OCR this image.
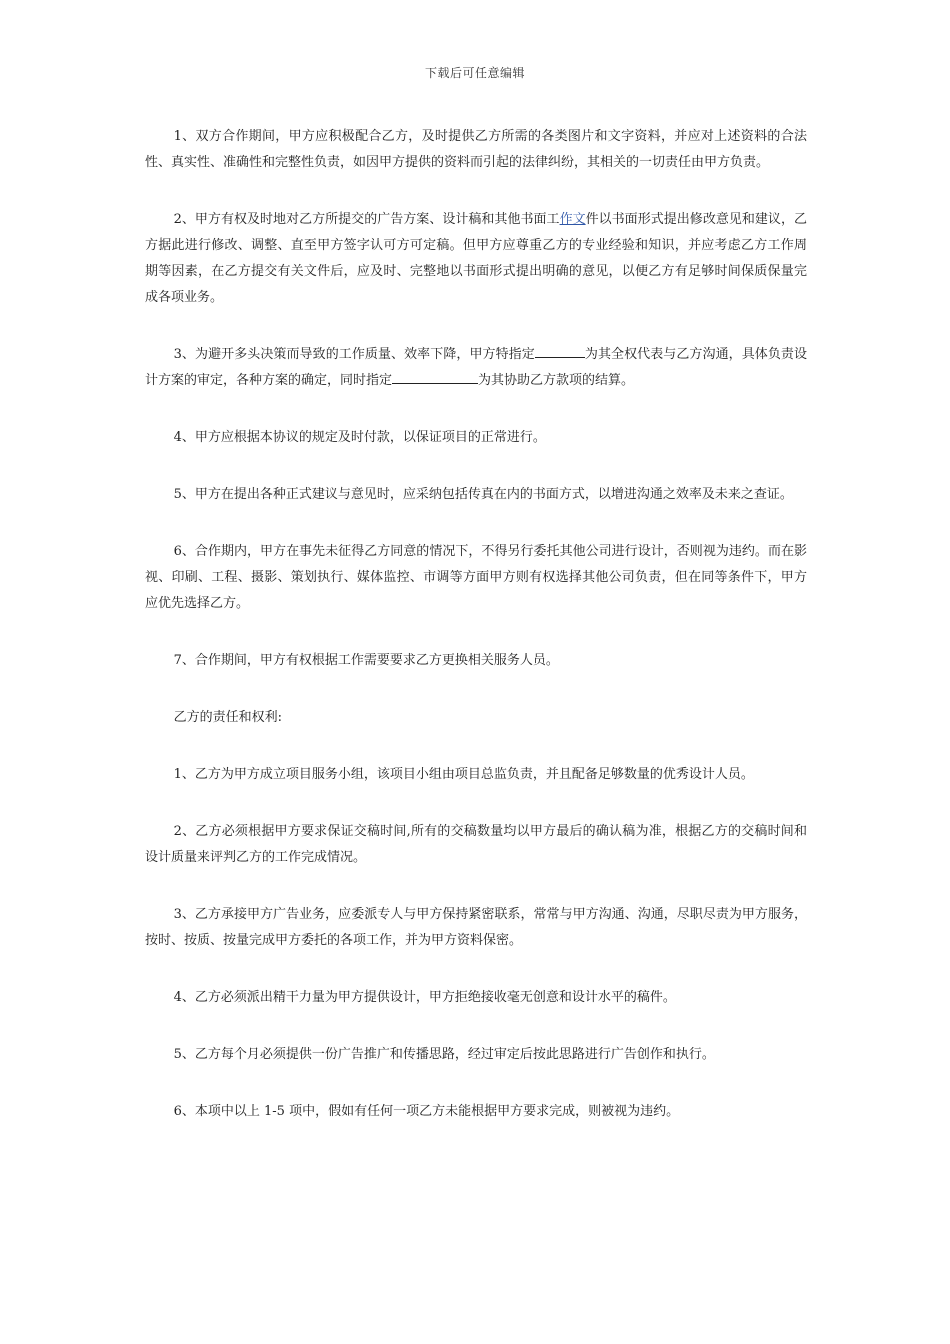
下载后可任意编辑

1、双方合作期间，甲方应积极配合乙方，及时提供乙方所需的各类图片和文字资料，并应对上述资料的合法性、真实性、准确性和完整性负责，如因甲方提供的资料而引起的法律纠纷，其相关的一切责任由甲方负责。

2、甲方有权及时地对乙方所提交的广告方案、设计稿和其他书面工作文件以书面形式提出修改意见和建议，乙方据此进行修改、调整、直至甲方签字认可方可定稿。但甲方应尊重乙方的专业经验和知识，并应考虑乙方工作周期等因素，在乙方提交有关文件后，应及时、完整地以书面形式提出明确的意见，以便乙方有足够时间保质保量完成各项业务。

3、为避开多头决策而导致的工作质量、效率下降，甲方特指定	为其全权代表与乙方沟通，具体负责设计方案的审定，各种方案的确定，同时指定	为其协助乙方款项的结算。

4、甲方应根据本协议的规定及时付款，以保证项目的正常进行。

5、甲方在提出各种正式建议与意见时，应采纳包括传真在内的书面方式，以增进沟通之效率及未来之查证。

6、合作期内，甲方在事先未征得乙方同意的情况下，不得另行委托其他公司进行设计，否则视为违约。而在影视、印刷、工程、摄影、策划执行、媒体监控、市调等方面甲方则有权选择其他公司负责，但在同等条件下，甲方应优先选择乙方。

7、合作期间，甲方有权根据工作需要要求乙方更换相关服务人员。

乙方的责任和权利:

1、乙方为甲方成立项目服务小组，该项目小组由项目总监负责，并且配备足够数量的优秀设计人员。

2、乙方必须根据甲方要求保证交稿时间,所有的交稿数量均以甲方最后的确认稿为准，根据乙方的交稿时间和设计质量来评判乙方的工作完成情况。

3、乙方承接甲方广告业务，应委派专人与甲方保持紧密联系，常常与甲方沟通、沟通，尽职尽责为甲方服务，按时、按质、按量完成甲方委托的各项工作，并为甲方资料保密。

4、乙方必须派出精干力量为甲方提供设计，甲方拒绝接收毫无创意和设计水平的稿件。

5、乙方每个月必须提供一份广告推广和传播思路，经过审定后按此思路进行广告创作和执行。

6、本项中以上 1-5 项中，假如有任何一项乙方未能根据甲方要求完成，则被视为违约。
